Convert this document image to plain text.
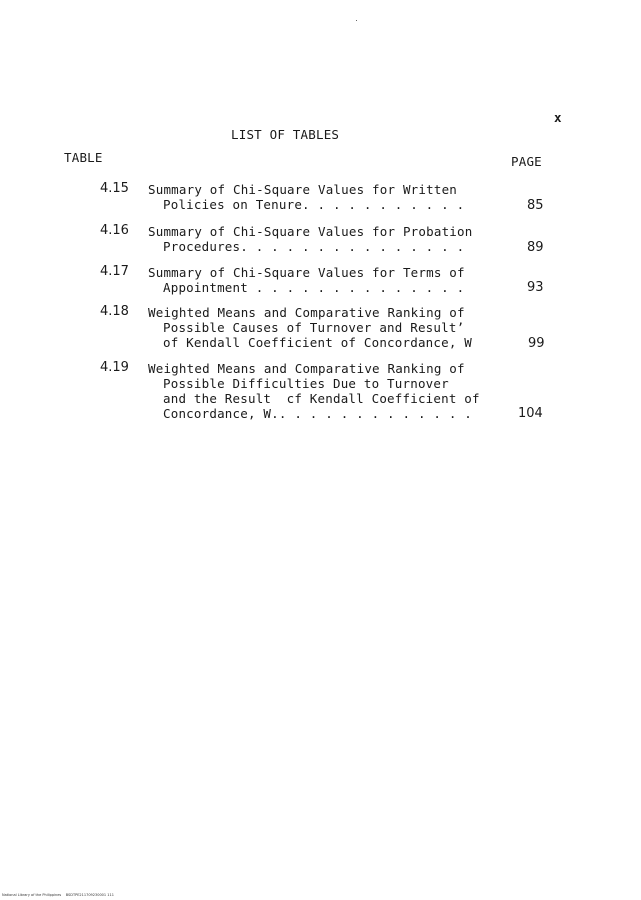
x
LIST OF TABLES
TABLE	PAGE
4.15 Summary of Chi-Square Values for Written
Policies on Tenure. . . . . . . . . . .	85
4.16 Summary of Chi-Square Values for Probation
Procedures. . . . . . . . . . . . . . .	89
4.17 Summary of Chi-Square Values for Terms of
Appointment . . . . . . . . . . . . . .	93
4.18 Weighted Means and Comparative Ranking of
Possible Causes of Turnover and Result’
of Kendall Coefficient of Concordance, W	99
4.19 Weighted Means and Comparative Ranking of
Possible Difficulties Due to Turnover
and the Result  cf Kendall Coefficient of
Concordance, W.. . . . . . . . . . . . .	104
National Library of the Philippines    BSDTPE211709230001 111
